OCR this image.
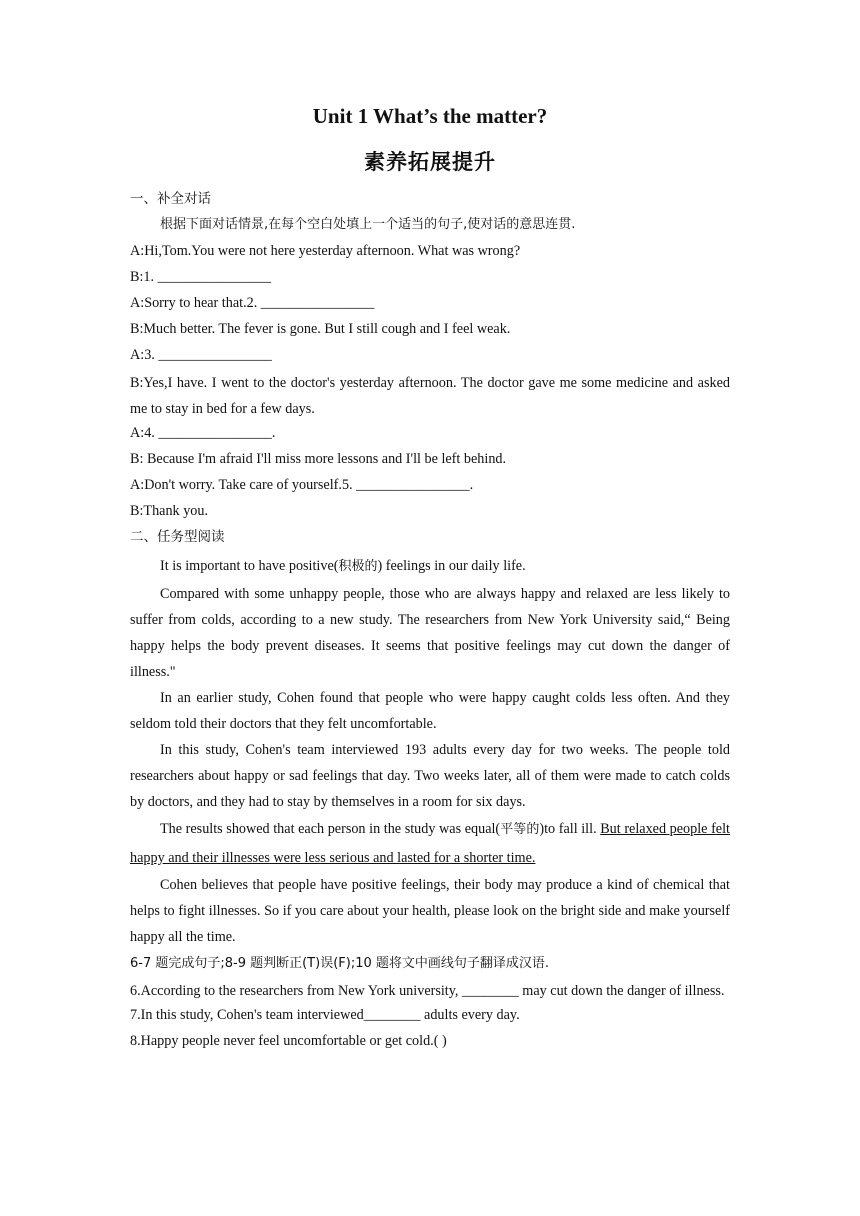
Unit 1 What’s the matter?
素养拓展提升
一、补全对话
根据下面对话情景,在每个空白处填上一个适当的句子,使对话的意思连贯.
A:Hi,Tom.You were not here yesterday afternoon. What was wrong?
B:1. ________________
A:Sorry to hear that.2. ________________
B:Much better. The fever is gone. But I still cough and I feel weak.
A:3. ________________

B:Yes,I have. I went to the doctor's yesterday afternoon. The doctor gave me some medicine and asked me to stay in bed for a few days.

A:4. ________________.
B: Because I'm afraid I'll miss more lessons and I'll be left behind.
A:Don't worry. Take care of yourself.5. ________________.
B:Thank you.
二、任务型阅读
It is important to have positive(积极的) feelings in our daily life.

Compared with some unhappy people, those who are always happy and relaxed are less likely to suffer from colds, according to a new study. The researchers from New York University said,“ Being happy helps the body prevent diseases. It seems that positive feelings may cut down the danger of illness."

In an earlier study, Cohen found that people who were happy caught colds less often. And they seldom told their doctors that they felt uncomfortable.

In this study, Cohen's team interviewed 193 adults every day for two weeks. The people told researchers about happy or sad feelings that day. Two weeks later, all of them were made to catch colds by doctors, and they had to stay by themselves in a room for six days.

The results showed that each person in the study was equal(平等的)to fall ill. But relaxed people felt happy and their illnesses were less serious and lasted for a shorter time.

Cohen believes that people have positive feelings, their body may produce a kind of chemical that helps to fight illnesses. So if you care about your health, please look on the bright side and make yourself happy all the time.

6-7 题完成句子;8-9 题判断正(T)误(F);10 题将文中画线句子翻译成汉语.

6.According to the researchers from New York university, ________ may cut down the danger of illness.

7.In this study, Cohen's team interviewed________ adults every day.
8.Happy people never feel uncomfortable or get cold.( )
